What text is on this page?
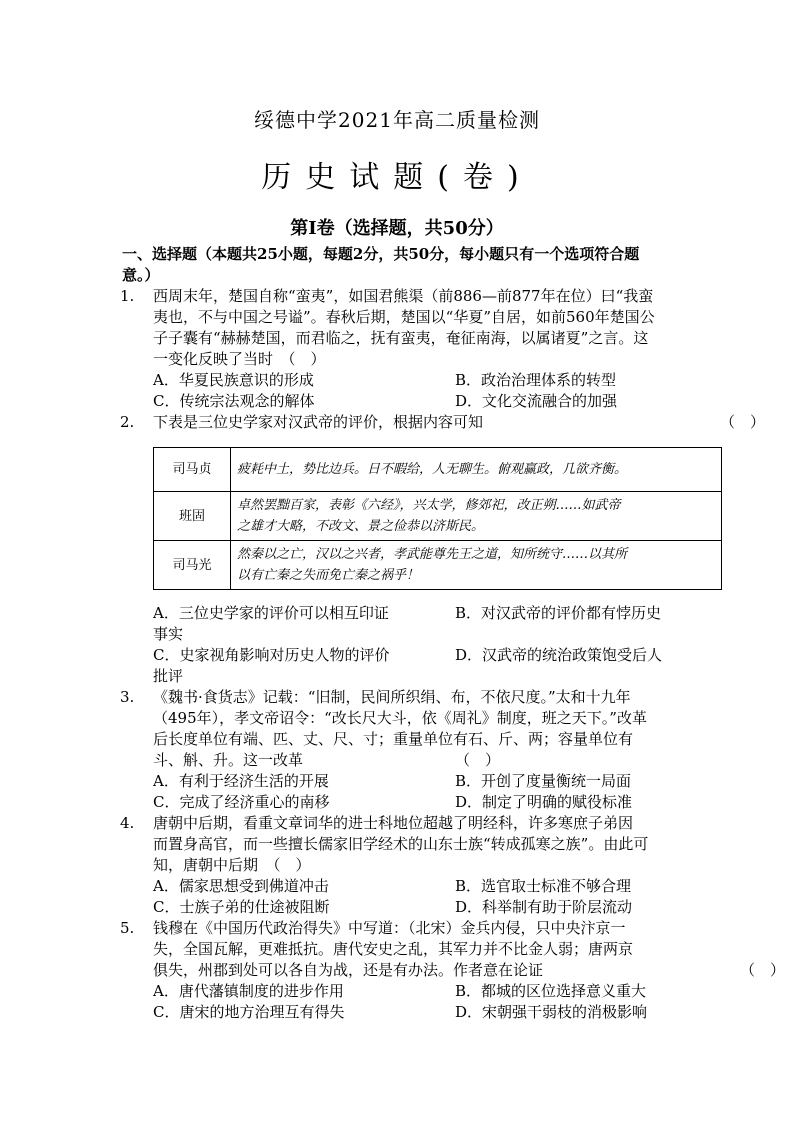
绥德中学2021年高二质量检测
历史试题(卷)
第I卷（选择题，共50分）
一、选择题（本题共25小题，每题2分，共50分，每小题只有一个选项符合题
意。）
1.	西周末年，楚国自称“蛮夷”，如国君熊渠（前886—前877年在位）曰“我蛮
夷也，不与中国之号谥”。春秋后期，楚国以“华夏”自居，如前560年楚国公
子子囊有“赫赫楚国，而君临之，抚有蛮夷，奄征南海，以属诸夏”之言。这
一变化反映了当时　（　）
A．华夏民族意识的形成	B．政治治理体系的转型
C．传统宗法观念的解体	D．文化交流融合的加强
2.	下表是三位史学家对汉武帝的评价，根据内容可知	（　）
司马贞	疲耗中土，势比边兵。日不暇给，人无聊生。俯观赢政，几欲齐衡。
班固	卓然罢黜百家，表彰《六经》，兴太学，修郊祀，改正朔……如武帝
之雄才大略，不改文、景之俭恭以济斯民。

司马光	然秦以之亡，汉以之兴者，孝武能尊先王之道，知所统守……以其所
以有亡秦之失而免亡秦之祸乎！
A．三位史学家的评价可以相互印证	B．对汉武帝的评价都有悖历史
事实
C．史家视角影响对历史人物的评价	D．汉武帝的统治政策饱受后人
批评
3.	《魏书·食货志》记载：“旧制，民间所织绢、布，不依尺度。”太和十九年
（495年），孝文帝诏令：“改长尺大斗，依《周礼》制度，班之天下。”改革
后长度单位有端、匹、丈、尺、寸；重量单位有石、斤、两；容量单位有
斗、斛、升。这一改革	（　）
A．有利于经济生活的开展	B．开创了度量衡统一局面
C．完成了经济重心的南移	D．制定了明确的赋役标准
4.	唐朝中后期，看重文章词华的进士科地位超越了明经科，许多寒庶子弟因
而置身高官，而一些擅长儒家旧学经术的山东士族“转成孤寒之族”。由此可
知，唐朝中后期　（　）
A．儒家思想受到佛道冲击	B．选官取士标准不够合理
C．士族子弟的仕途被阻断	D．科举制有助于阶层流动
5.	钱穆在《中国历代政治得失》中写道：（北宋）金兵内侵，只中央汴京一
失，全国瓦解，更难抵抗。唐代安史之乱，其军力并不比金人弱；唐两京
俱失，州郡到处可以各自为战，还是有办法。作者意在论证	（　）
A．唐代藩镇制度的进步作用	B．都城的区位选择意义重大
C．唐宋的地方治理互有得失	D．宋朝强干弱枝的消极影响
